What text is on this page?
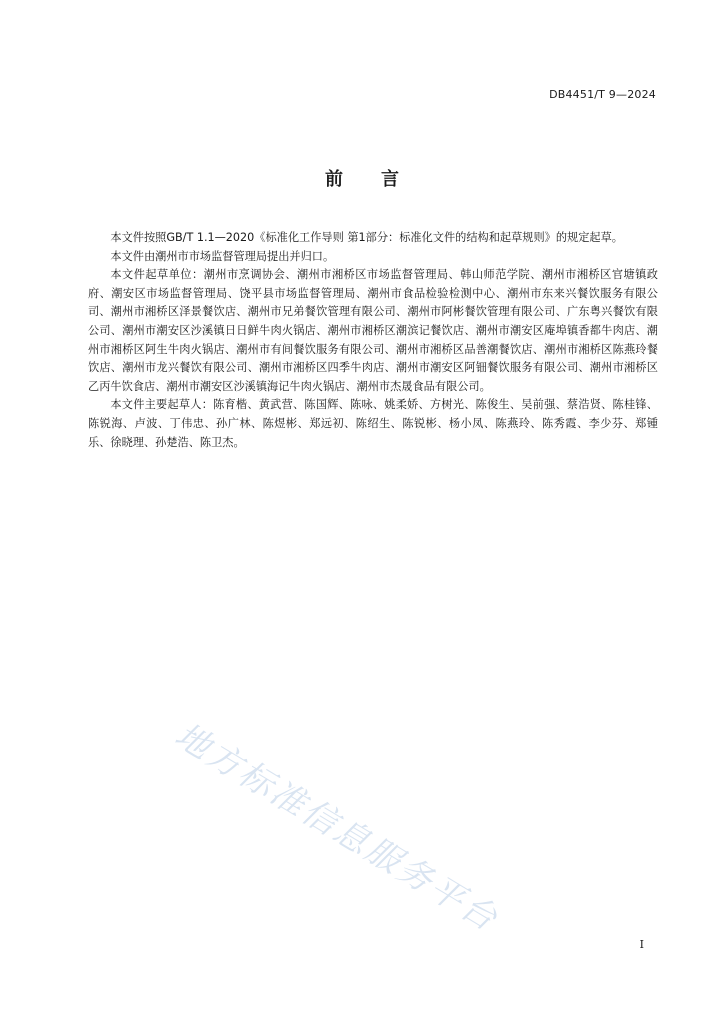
DB4451/T 9—2024
前言

本文件按照GB/T 1.1—2020《标准化工作导则 第1部分：标准化文件的结构和起草规则》的规定起草。

本文件由潮州市市场监督管理局提出并归口。

本文件起草单位：潮州市烹调协会、潮州市湘桥区市场监督管理局、韩山师范学院、潮州市湘桥区官塘镇政府、潮安区市场监督管理局、饶平县市场监督管理局、潮州市食品检验检测中心、潮州市东来兴餐饮服务有限公司、潮州市湘桥区泽景餐饮店、潮州市兄弟餐饮管理有限公司、潮州市阿彬餐饮管理有限公司、广东粤兴餐饮有限公司、潮州市潮安区沙溪镇日日鲜牛肉火锅店、潮州市湘桥区潮滨记餐饮店、潮州市潮安区庵埠镇香都牛肉店、潮州市湘桥区阿生牛肉火锅店、潮州市有间餐饮服务有限公司、潮州市湘桥区品善潮餐饮店、潮州市湘桥区陈燕玲餐饮店、潮州市龙兴餐饮有限公司、潮州市湘桥区四季牛肉店、潮州市潮安区阿钿餐饮服务有限公司、潮州市湘桥区乙丙牛饮食店、潮州市潮安区沙溪镇海记牛肉火锅店、潮州市杰晟食品有限公司。

本文件主要起草人：陈育楷、黄武营、陈国辉、陈咏、姚柔娇、方树光、陈俊生、吴前强、蔡浩贤、陈桂锋、陈锐海、卢波、丁伟忠、孙广林、陈煜彬、郑远初、陈绍生、陈锐彬、杨小凤、陈燕玲、陈秀霞、李少芬、郑锺乐、徐晓理、孙楚浩、陈卫杰。

地方标准信息服务平台
I
